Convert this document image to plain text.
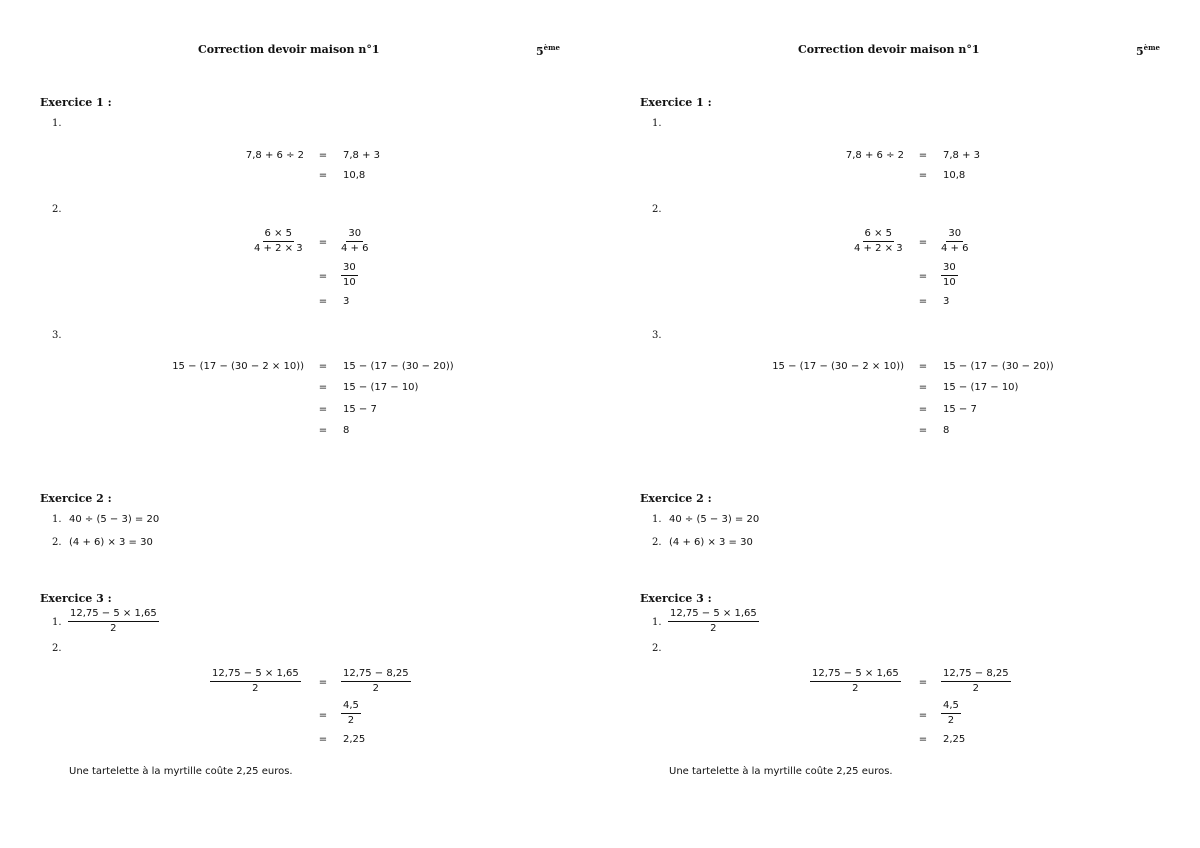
Correction devoir maison n°1	5ème
Exercice 1 :
1.
7,8 + 6 ÷ 2 = 7,8 + 3
= 10,8
2.
$\frac{6 \times 5}{4 + 2 \times 3} = \frac{30}{4 + 6}$
= $\frac{30}{10}$
= 3
3.
15 − (17 − (30 − 2 × 10)) = 15 − (17 − (30 − 20))
= 15 − (17 − 10)
= 15 − 7
= 8
Exercice 2 :
1. 40 ÷ (5 − 3) = 20
2. (4 + 6) × 3 = 30
Exercice 3 :
1. $\frac{12,75 - 5 \times 1,65}{2}$
2.
$\frac{12,75 - 5 \times 1,65}{2} = \frac{12,75 - 8,25}{2}$
= $\frac{4,5}{2}$
= 2,25
Une tartelette à la myrtille coûte 2,25 euros.
Correction devoir maison n°1	5ème
Exercice 1 :
1.
7,8 + 6 ÷ 2 = 7,8 + 3
= 10,8
2.
$\frac{6 \times 5}{4 + 2 \times 3} = \frac{30}{4 + 6}$
= $\frac{30}{10}$
= 3
3.
15 − (17 − (30 − 2 × 10)) = 15 − (17 − (30 − 20))
= 15 − (17 − 10)
= 15 − 7
= 8
Exercice 2 :
1. 40 ÷ (5 − 3) = 20
2. (4 + 6) × 3 = 30
Exercice 3 :
1. $\frac{12,75 - 5 \times 1,65}{2}$
2.
$\frac{12,75 - 5 \times 1,65}{2} = \frac{12,75 - 8,25}{2}$
= $\frac{4,5}{2}$
= 2,25
Une tartelette à la myrtille coûte 2,25 euros.
